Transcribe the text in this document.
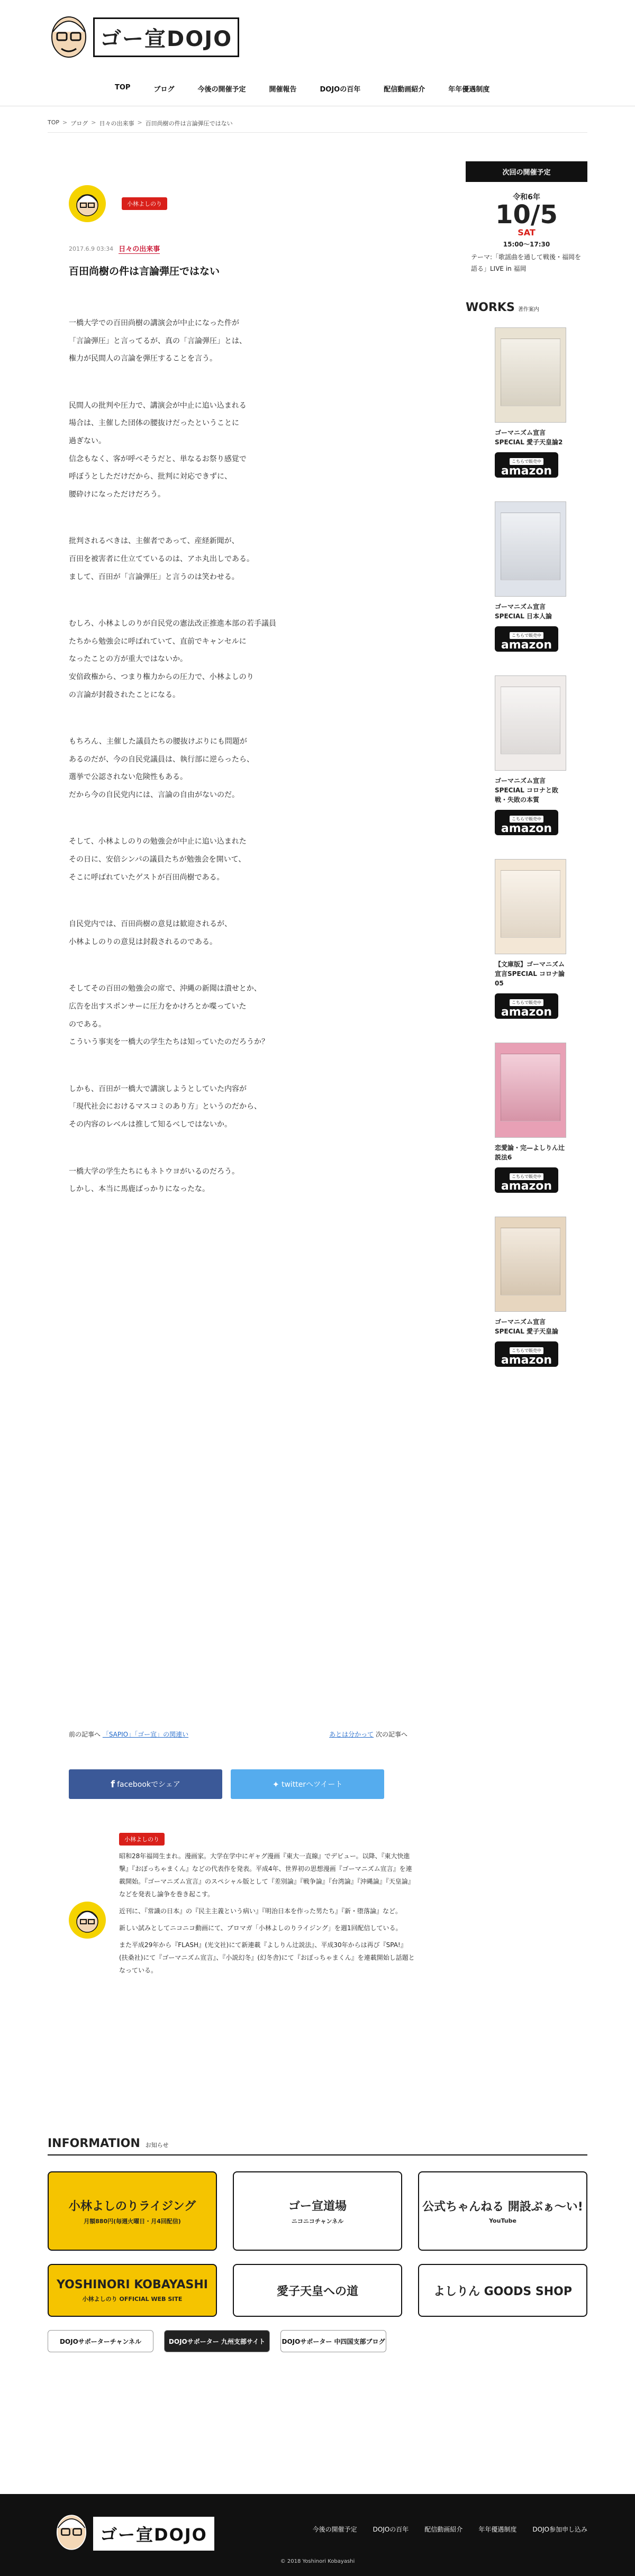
ゴー宣DOJO
TOP	ブログ	今後の開催予定	開催報告	DOJOの百年	配信動画紹介	年年優遇制度
TOP > ブログ > 日々の出来事 > 百田尚樹の件は言論弾圧ではない
小林よしのり
2017.6.9 03:34 日々の出来事
百田尚樹の件は言論弾圧ではない

一橋大学での百田尚樹の講演会が中止になった件が

「言論弾圧」と言ってるが、真の「言論弾圧」とは、

権力が民間人の言論を弾圧することを言う。

民間人の批判や圧力で、講演会が中止に追い込まれる

場合は、主催した団体の腰抜けだったということに

過ぎない。

信念もなく、客が呼べそうだと、単なるお祭り感覚で

呼ぼうとしただけだから、批判に対応できずに、

腰砕けになっただけだろう。

批判されるべきは、主催者であって、産経新聞が、

百田を被害者に仕立てているのは、アホ丸出しである。

まして、百田が「言論弾圧」と言うのは笑わせる。

むしろ、小林よしのりが自民党の憲法改正推進本部の若手議員

たちから勉強会に呼ばれていて、直前でキャンセルに

なったことの方が重大ではないか。

安倍政権から、つまり権力からの圧力で、小林よしのり

の言論が封殺されたことになる。

もちろん、主催した議員たちの腰抜けぶりにも問題が

あるのだが、今の自民党議員は、執行部に逆らったら、

選挙で公認されない危険性もある。

だから今の自民党内には、言論の自由がないのだ。

そして、小林よしのりの勉強会が中止に追い込まれた

その日に、安倍シンパの議員たちが勉強会を開いて、

そこに呼ばれていたゲストが百田尚樹である。

自民党内では、百田尚樹の意見は歓迎されるが、

小林よしのりの意見は封殺されるのである。

そしてその百田の勉強会の席で、沖縄の新聞は潰せとか、

広告を出すスポンサーに圧力をかけろとか喋っていた

のである。

こういう事実を一橋大の学生たちは知っていたのだろうか？

しかも、百田が一橋大で講演しようとしていた内容が

「現代社会におけるマスコミのあり方」というのだから、

その内容のレベルは推して知るべしではないか。

一橋大学の学生たちにもネトウヨがいるのだろう。

しかし、本当に馬鹿ばっかりになったな。

前の記事へ 「SAPIO」「ゴー宣」の関連い	あとは分かって 次の記事へ
f facebookでシェア	✦ twitterへツイート
小林よしのり

昭和28年福岡生まれ。漫画家。大学在学中にギャグ漫画『東大一直線』でデビュー。以降、『東大快進撃』『おぼっちゃまくん』などの代表作を発表。平成4年、世界初の思想漫画『ゴーマニズム宣言』を連載開始。『ゴーマニズム宣言』のスペシャル版として『差別論』『戦争論』『台湾論』『沖縄論』『天皇論』などを発表し論争を巻き起こす。

近刊に、『常識の日本』の『民主主義という病い』『明治日本を作った男たち』『新・堕落論』など。

新しい試みとしてニコニコ動画にて、ブロマガ「小林よしのりライジング」を週1回配信している。

また平成29年から『FLASH』(光文社)にて新連載『よしりん辻説法』、平成30年からは再び『SPA!』(扶桑社)にて『ゴーマニズム宣言』、『小説幻冬』(幻冬舎)にて『おぼっちゃまくん』を連載開始し話題となっている。

次回の開催予定
令和6年
10/5
SAT
15:00〜17:30
テーマ:「歌謡曲を通して戦後・福岡を語る」LIVE in 福岡
WORKS 著作案内
ゴーマニズム宣言SPECIAL 愛子天皇論2
こちらで販売中
amazon
ゴーマニズム宣言SPECIAL 日本人論
こちらで販売中
amazon
ゴーマニズム宣言SPECIAL コロナと敗戦・失敗の本質
こちらで販売中
amazon
【文庫版】ゴーマニズム宣言SPECIAL コロナ論05
こちらで販売中
amazon
恋愛論・完—よしりん辻説法6
こちらで販売中
amazon
ゴーマニズム宣言SPECIAL 愛子天皇論
こちらで販売中
amazon
INFORMATION お知らせ
小林よしのりライジング
月額880円(毎週火曜日・月4回配信)
ゴー宣道場
ニコニコチャンネル
公式ちゃんねる 開設ぶぁ〜い!
YouTube
YOSHINORI KOBAYASHI
小林よしのり OFFICIAL WEB SITE
愛子天皇への道	よしりん GOODS SHOP
DOJOサポーターチャンネル	DOJOサポーター 九州支部サイト	DOJOサポーター 中四国支部ブログ
ゴー宣DOJO	今後の開催予定	DOJOの百年	配信動画紹介	年年優遇制度	DOJO参加申し込み
© 2018 Yoshinori Kobayashi
